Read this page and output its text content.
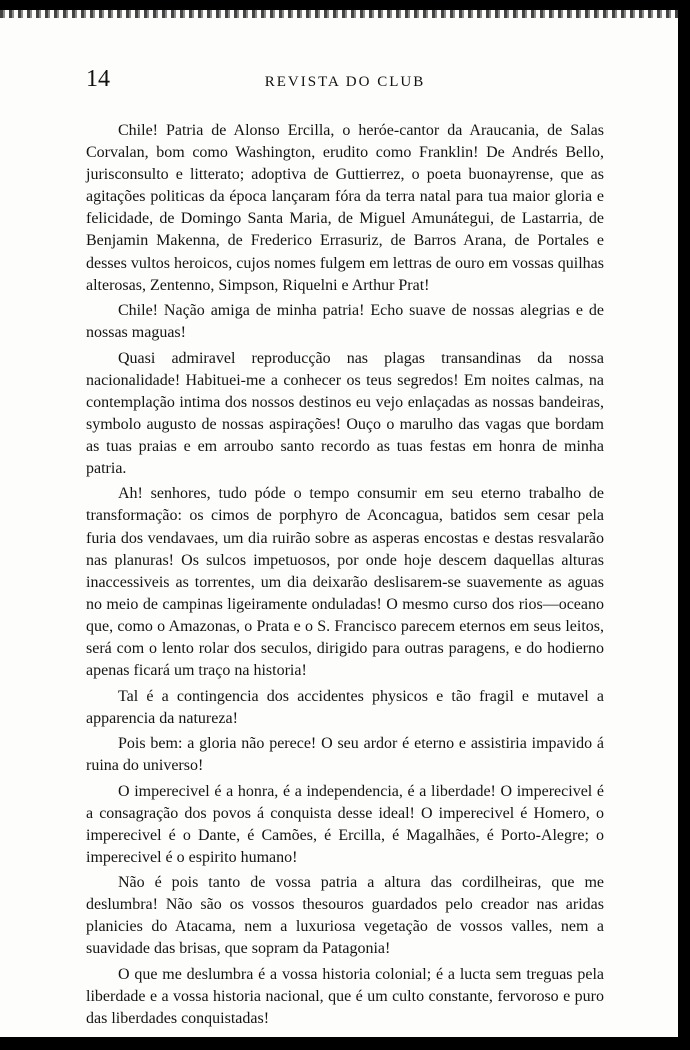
14	REVISTA DO CLUB

Chile! Patria de Alonso Ercilla, o heróe-cantor da Araucania, de Salas Corvalan, bom como Washington, erudito como Franklin! De Andrés Bello, jurisconsulto e litterato; adoptiva de Guttierrez, o poeta buonayrense, que as agitações politicas da época lançaram fóra da terra natal para tua maior gloria e felicidade, de Domingo Santa Maria, de Miguel Amunátegui, de Lastarria, de Benjamin Makenna, de Frederico Errasuriz, de Barros Arana, de Portales e desses vultos heroicos, cujos nomes fulgem em lettras de ouro em vossas quilhas alterosas, Zentenno, Simpson, Riquelni e Arthur Prat!

Chile! Nação amiga de minha patria! Echo suave de nossas alegrias e de nossas maguas!

Quasi admiravel reproducção nas plagas transandinas da nossa nacionalidade! Habituei-me a conhecer os teus segredos! Em noites calmas, na contemplação intima dos nossos destinos eu vejo enlaçadas as nossas bandeiras, symbolo augusto de nossas aspirações! Ouço o marulho das vagas que bordam as tuas praias e em arroubo santo recordo as tuas festas em honra de minha patria.

Ah! senhores, tudo póde o tempo consumir em seu eterno trabalho de transformação: os cimos de porphyro de Aconcagua, batidos sem cesar pela furia dos vendavaes, um dia ruirão sobre as asperas encostas e destas resvalarão nas planuras! Os sulcos impetuosos, por onde hoje descem daquellas alturas inaccessiveis as torrentes, um dia deixarão deslisarem-se suavemente as aguas no meio de campinas ligeiramente onduladas! O mesmo curso dos rios—oceano que, como o Amazonas, o Prata e o S. Francisco parecem eternos em seus leitos, será com o lento rolar dos seculos, dirigido para outras paragens, e do hodierno apenas ficará um traço na historia!

Tal é a contingencia dos accidentes physicos e tão fragil e mutavel a apparencia da natureza!

Pois bem: a gloria não perece! O seu ardor é eterno e assistiria impavido á ruina do universo!

O imperecivel é a honra, é a independencia, é a liberdade! O imperecivel é a consagração dos povos á conquista desse ideal! O imperecivel é Homero, o imperecivel é o Dante, é Camões, é Ercilla, é Magalhães, é Porto-Alegre; o imperecivel é o espirito humano!

Não é pois tanto de vossa patria a altura das cordilheiras, que me deslumbra! Não são os vossos thesouros guardados pelo creador nas aridas planicies do Atacama, nem a luxuriosa vegetação de vossos valles, nem a suavidade das brisas, que sopram da Patagonia!

O que me deslumbra é a vossa historia colonial; é a lucta sem treguas pela liberdade e a vossa historia nacional, que é um culto constante, fervoroso e puro das liberdades conquistadas!
